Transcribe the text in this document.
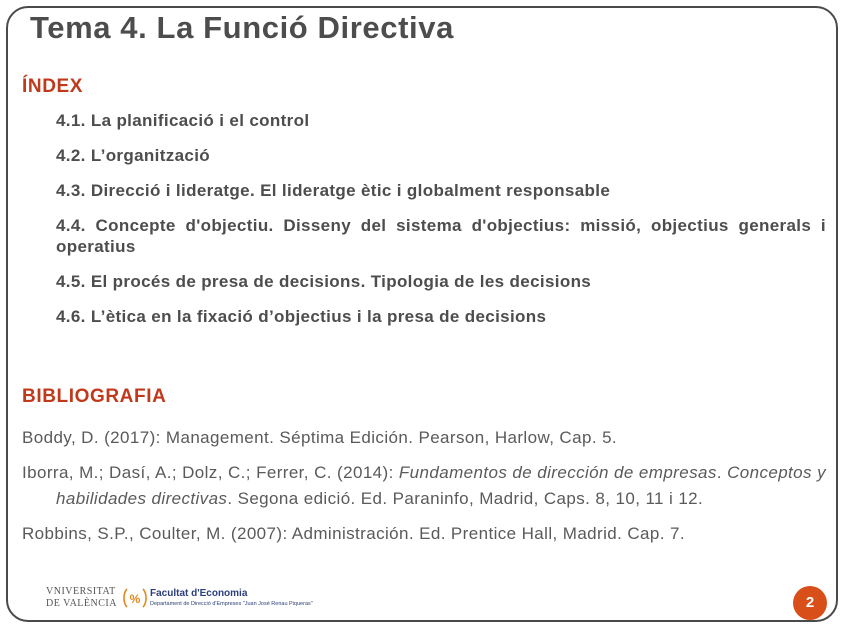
Tema 4. La Funció Directiva
ÍNDEX
4.1. La planificació i el control
4.2. L’organització
4.3. Direcció i lideratge. El lideratge ètic i globalment responsable
4.4. Concepte d'objectiu. Disseny del sistema d'objectius: missió, objectius generals i operatius
4.5. El procés de presa de decisions. Tipologia de les decisions
4.6. L’ètica en la fixació d’objectius i la presa de decisions
BIBLIOGRAFIA
Boddy, D. (2017): Management. Séptima Edición. Pearson, Harlow, Cap. 5.
Iborra, M.; Dasí, A.; Dolz, C.; Ferrer, C. (2014): Fundamentos de dirección de empresas. Conceptos y habilidades directivas. Segona edició. Ed. Paraninfo, Madrid, Caps. 8, 10, 11 i 12.
Robbins, S.P., Coulter, M. (2007): Administración. Ed. Prentice Hall, Madrid. Cap. 7.
VNIVERSITAT
DE VALÈNCIA % Facultat d'Economia
Departament de Direcció d'Empreses "Juan José Renau Piqueras"	2
